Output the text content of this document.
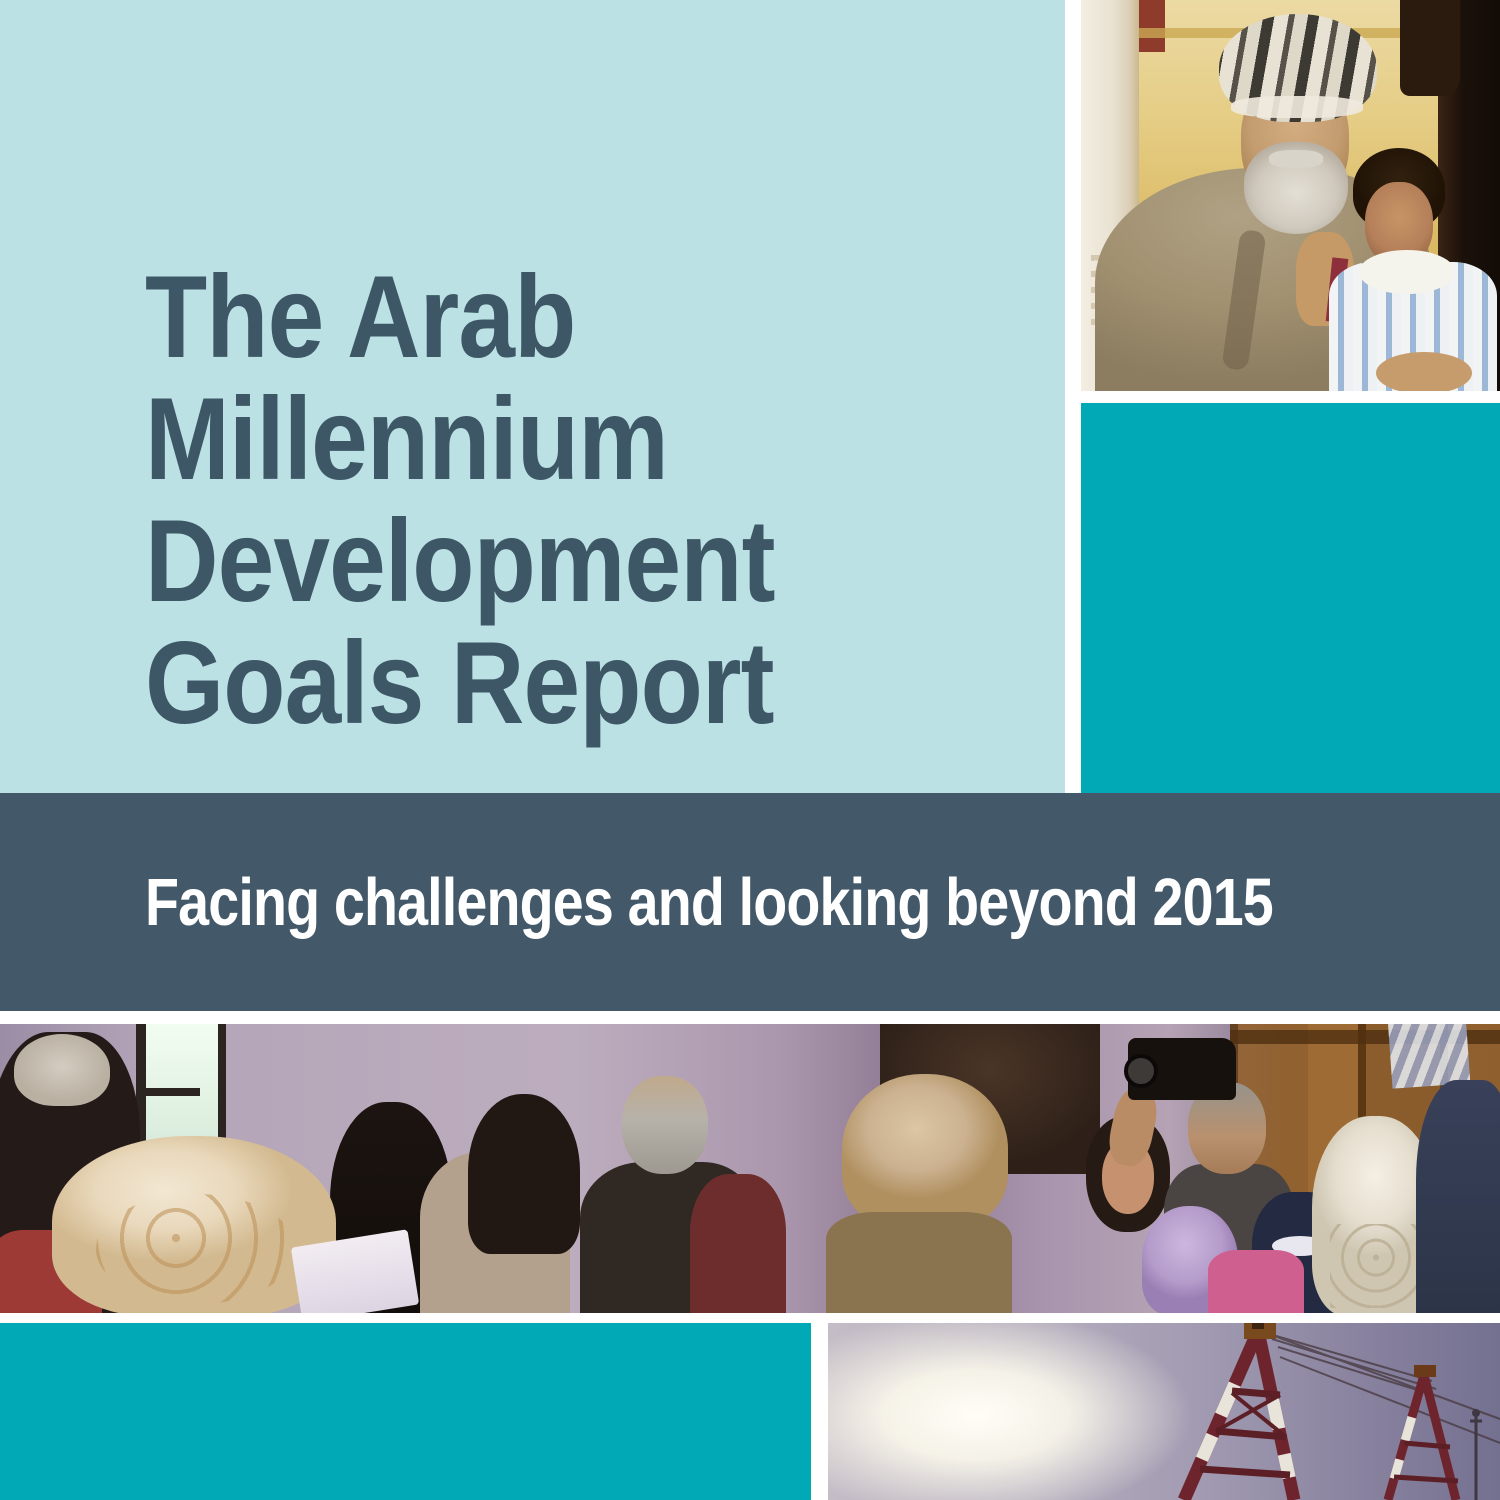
The Arab
Millennium
Development
Goals Report
Facing challenges and looking beyond 2015
